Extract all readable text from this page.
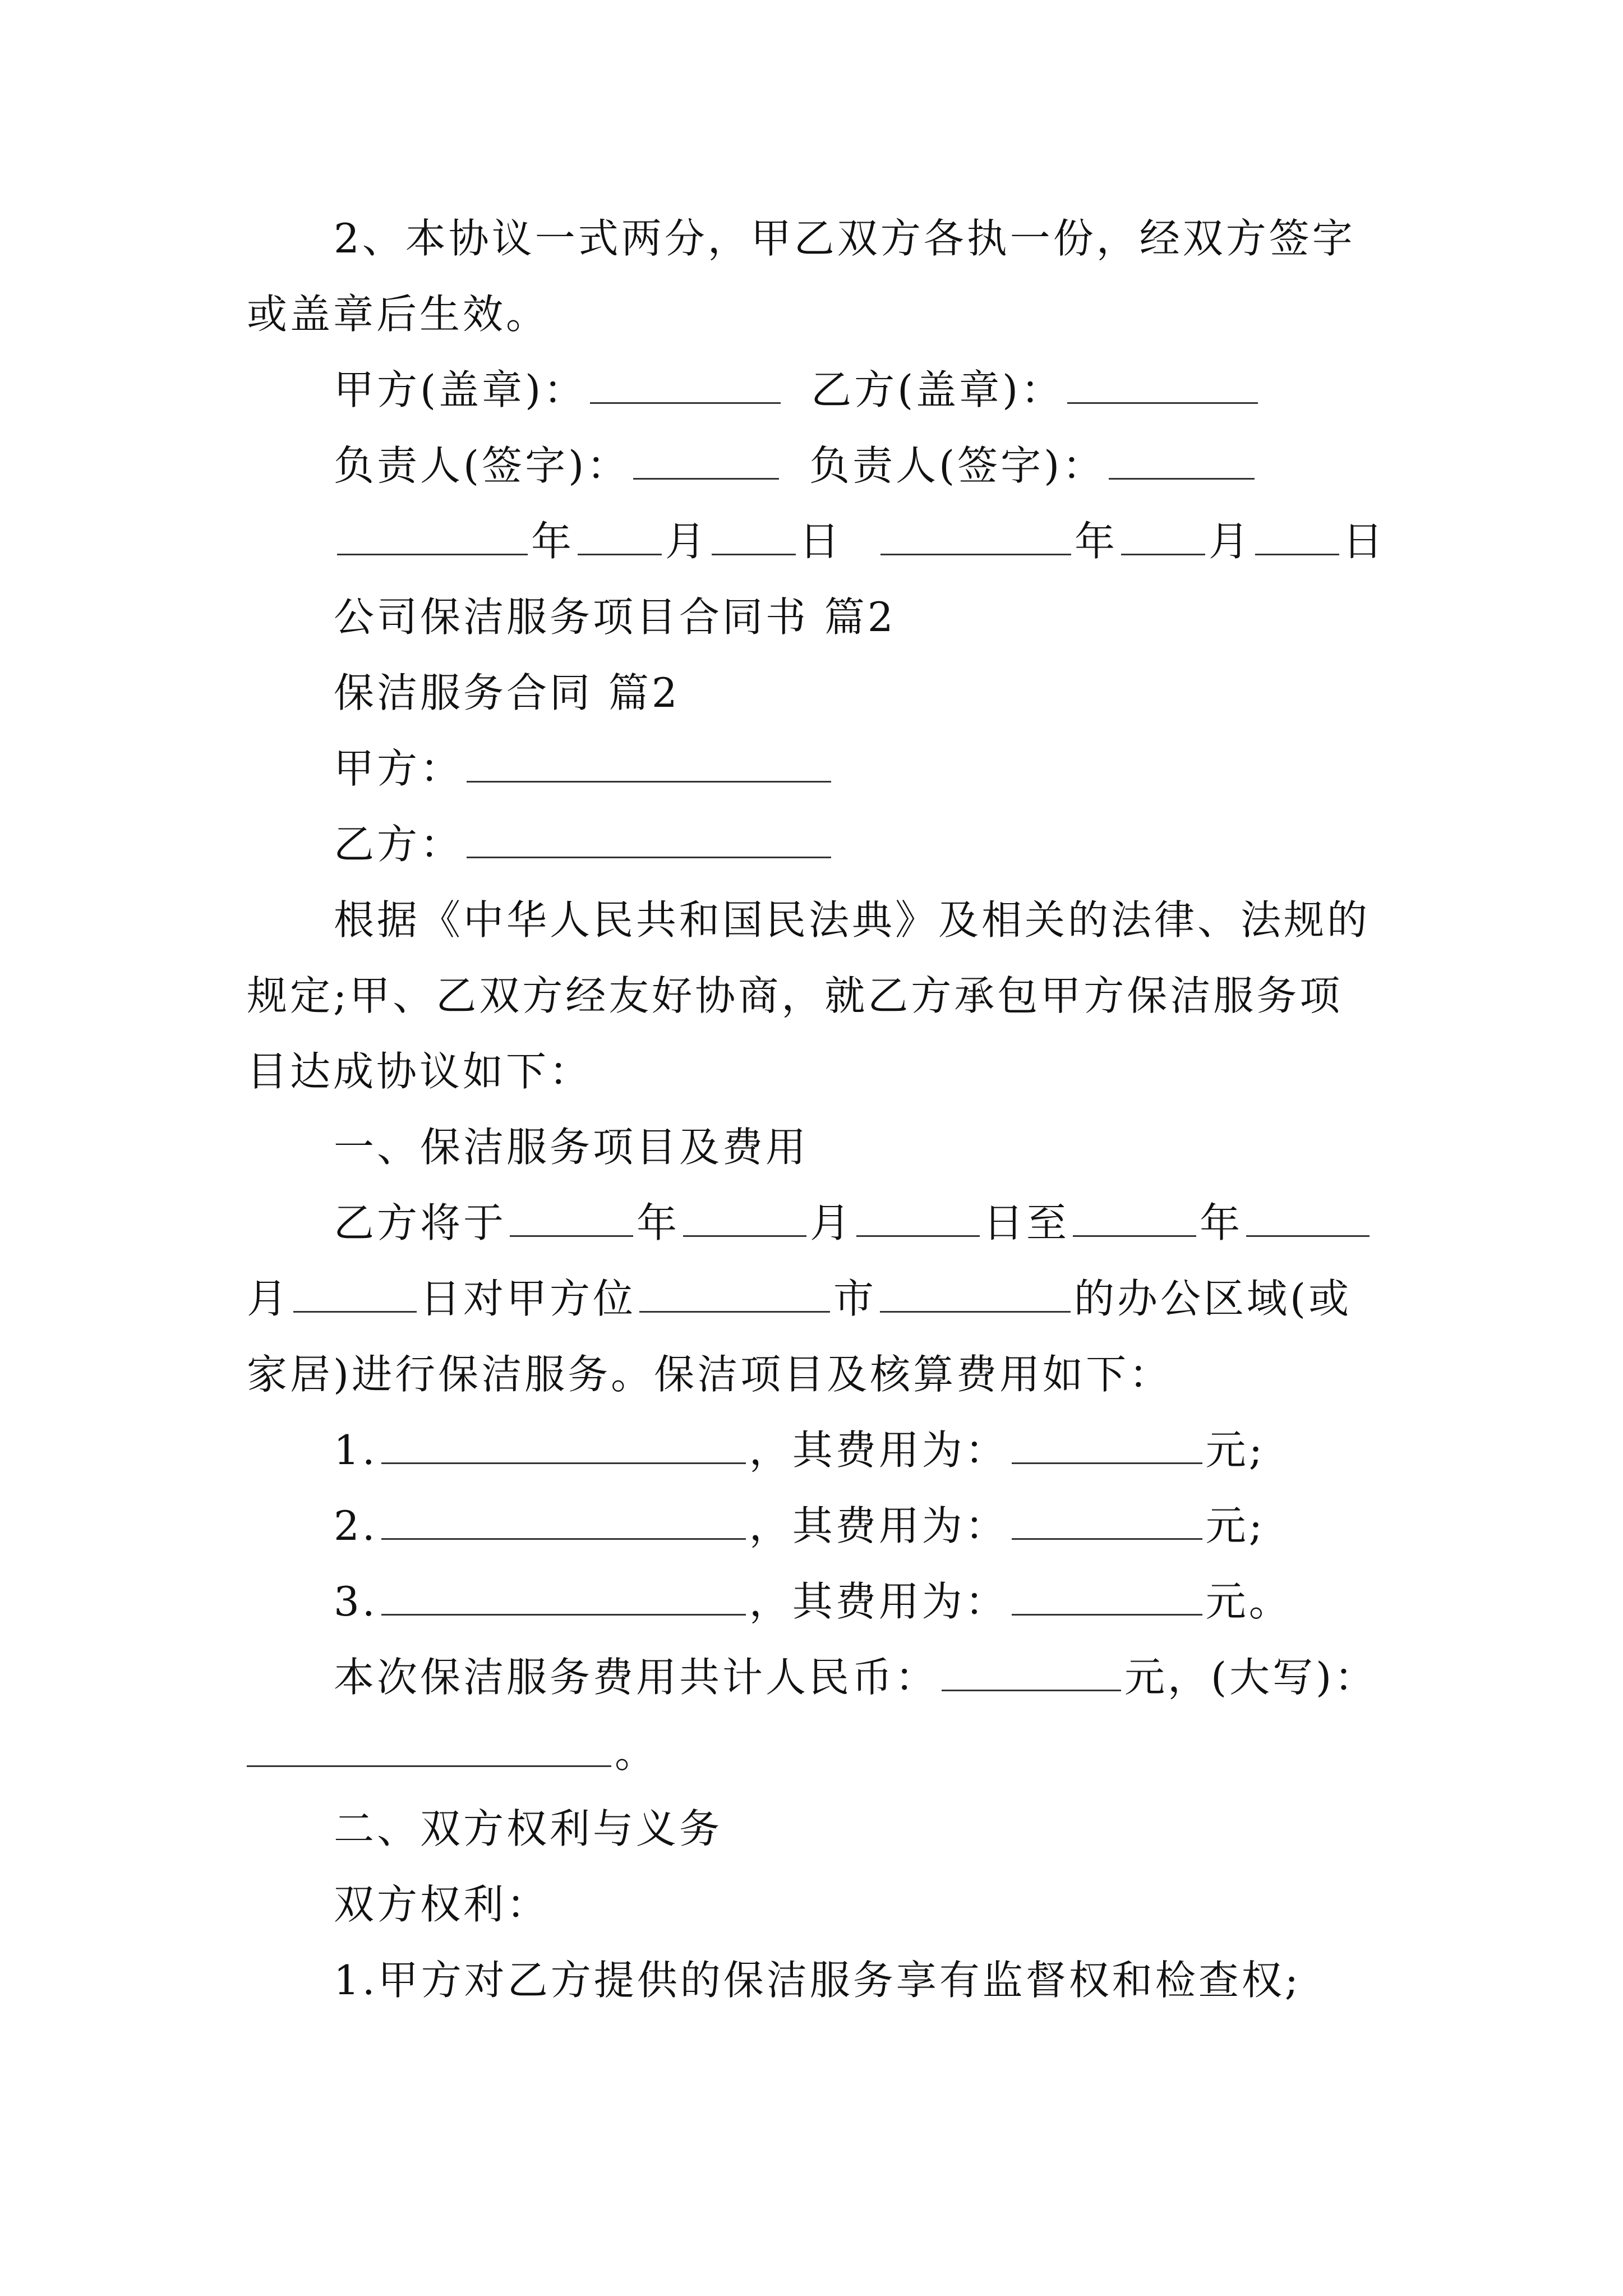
2、本协议一式两分，甲乙双方各执一份，经双方签字
或盖章后生效。
甲方(盖章)：	乙方(盖章)：
负责人(签字)：	负责人(签字)：
年 月 日	年 月 日
公司保洁服务项目合同书 篇2
保洁服务合同 篇2
甲方：
乙方：
根据《中华人民共和国民法典》及相关的法律、法规的
规定;甲、乙双方经友好协商，就乙方承包甲方保洁服务项
目达成协议如下：
一、保洁服务项目及费用
乙方将于	年	月	日至	年
月	日对甲方位	市	的办公区域(或
家居)进行保洁服务。保洁项目及核算费用如下：
1.	，其费用为：	元;
2.	，其费用为：	元;
3.	，其费用为：	元。
本次保洁服务费用共计人民币：	元，(大写)：
。
二、双方权利与义务
双方权利：
1.甲方对乙方提供的保洁服务享有监督权和检查权;
